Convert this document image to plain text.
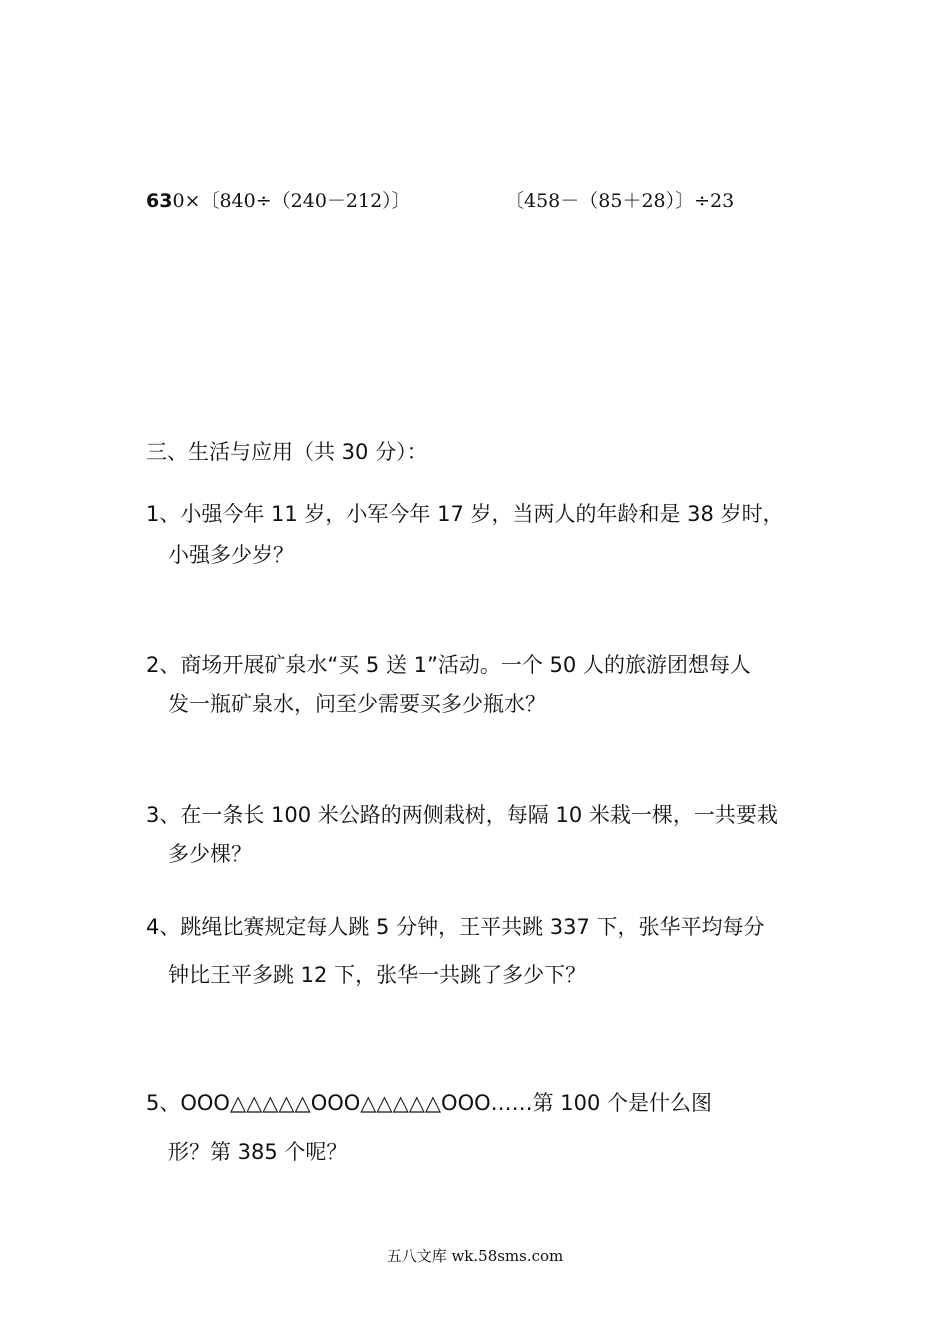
630×〔840÷（240－212）〕	〔458－（85＋28）〕÷23
三、生活与应用（共 30 分）：
1、小强今年 11 岁，小军今年 17 岁，当两人的年龄和是 38 岁时，
小强多少岁？
2、商场开展矿泉水“买 5 送 1”活动。一个 50 人的旅游团想每人
发一瓶矿泉水，问至少需要买多少瓶水？
3、在一条长 100 米公路的两侧栽树，每隔 10 米栽一棵，一共要栽
多少棵？
4、跳绳比赛规定每人跳 5 分钟，王平共跳 337 下，张华平均每分
钟比王平多跳 12 下，张华一共跳了多少下？
5、OOO△△△△△OOO△△△△△OOO……第 100 个是什么图
形？第 385 个呢？
五八文库 wk.58sms.com
